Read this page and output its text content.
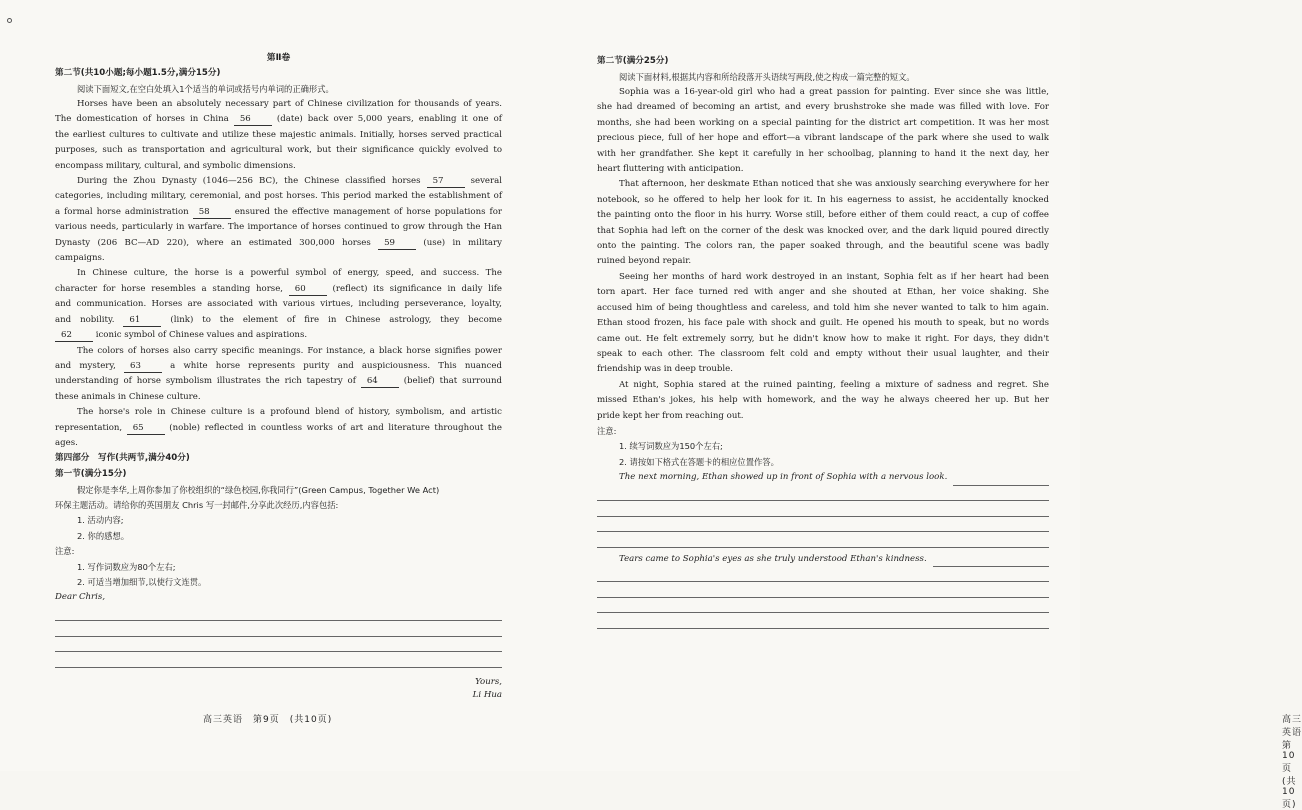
第Ⅱ卷
第二节(共10小题;每小题1.5分,满分15分)
阅读下面短文,在空白处填入1个适当的单词或括号内单词的正确形式。
Horses have been an absolutely necessary part of Chinese civilization for thousands of years.
The domestication of horses in China 56 (date) back over 5,000 years, enabling it one of
the earliest cultures to cultivate and utilize these majestic animals. Initially, horses served practical
purposes, such as transportation and agricultural work, but their significance quickly evolved to
encompass military, cultural, and symbolic dimensions.
During the Zhou Dynasty (1046—256 BC), the Chinese classified horses 57 several
categories, including military, ceremonial, and post horses. This period marked the establishment of
a formal horse administration 58 ensured the effective management of horse populations for
various needs, particularly in warfare. The importance of horses continued to grow through the Han
Dynasty (206 BC—AD 220), where an estimated 300,000 horses 59 (use) in military
campaigns.
In Chinese culture, the horse is a powerful symbol of energy, speed, and success. The
character for horse resembles a standing horse, 60 (reflect) its significance in daily life
and communication. Horses are associated with various virtues, including perseverance, loyalty,
and nobility. 61 (link) to the element of fire in Chinese astrology, they become
62 iconic symbol of Chinese values and aspirations.
The colors of horses also carry specific meanings. For instance, a black horse signifies power
and mystery, 63 a white horse represents purity and auspiciousness. This nuanced
understanding of horse symbolism illustrates the rich tapestry of 64 (belief) that surround
these animals in Chinese culture.
The horse's role in Chinese culture is a profound blend of history, symbolism, and artistic
representation, 65 (noble) reflected in countless works of art and literature throughout the
ages.
第四部分　写作(共两节,满分40分)
第一节(满分15分)
假定你是李华,上周你参加了你校组织的“绿色校园,你我同行”(Green Campus, Together We Act)
环保主题活动。请给你的英国朋友 Chris 写一封邮件,分享此次经历,内容包括:
1. 活动内容;
2. 你的感想。
注意:
1. 写作词数应为80个左右;
2. 可适当增加细节,以使行文连贯。
Dear Chris,
Yours,
Li Hua
高三英语　第9页　(共10页)
第二节(满分25分)
阅读下面材料,根据其内容和所给段落开头语续写两段,使之构成一篇完整的短文。
Sophia was a 16-year-old girl who had a great passion for painting. Ever since she was little,
she had dreamed of becoming an artist, and every brushstroke she made was filled with love. For
months, she had been working on a special painting for the district art competition. It was her most
precious piece, full of her hope and effort—a vibrant landscape of the park where she used to walk
with her grandfather. She kept it carefully in her schoolbag, planning to hand it the next day, her
heart fluttering with anticipation.
That afternoon, her deskmate Ethan noticed that she was anxiously searching everywhere for her
notebook, so he offered to help her look for it. In his eagerness to assist, he accidentally knocked
the painting onto the floor in his hurry. Worse still, before either of them could react, a cup of coffee
that Sophia had left on the corner of the desk was knocked over, and the dark liquid poured directly
onto the painting. The colors ran, the paper soaked through, and the beautiful scene was badly
ruined beyond repair.
Seeing her months of hard work destroyed in an instant, Sophia felt as if her heart had been
torn apart. Her face turned red with anger and she shouted at Ethan, her voice shaking. She
accused him of being thoughtless and careless, and told him she never wanted to talk to him again.
Ethan stood frozen, his face pale with shock and guilt. He opened his mouth to speak, but no words
came out. He felt extremely sorry, but he didn't know how to make it right. For days, they didn't
speak to each other. The classroom felt cold and empty without their usual laughter, and their
friendship was in deep trouble.
At night, Sophia stared at the ruined painting, feeling a mixture of sadness and regret. She
missed Ethan's jokes, his help with homework, and the way he always cheered her up. But her
pride kept her from reaching out.
注意:
1. 续写词数应为150个左右;
2. 请按如下格式在答题卡的相应位置作答。
The next morning, Ethan showed up in front of Sophia with a nervous look.
Tears came to Sophia's eyes as she truly understood Ethan's kindness.
高三英语　第10页　(共10页)
